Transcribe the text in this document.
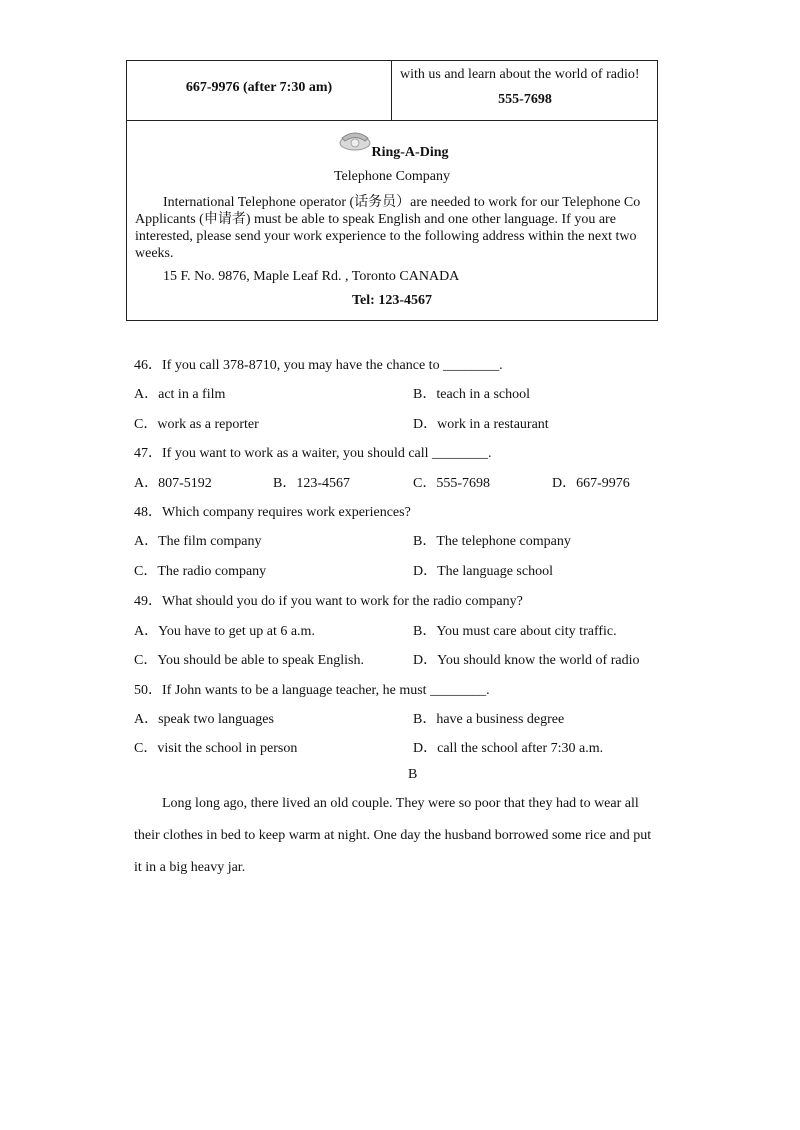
667-9976 (after 7:30 am)
with us and learn about the world of radio!
555-7698
Ring-A-Ding
Telephone Company
International Telephone operator (话务员）are needed to work for our Telephone Co
Applicants (申请者) must be able to speak English and one other language. If you are
interested, please send your work experience to the following address within the next two
weeks.
15 F. No. 9876, Maple Leaf Rd. , Toronto CANADA
Tel: 123-4567
46．If you call 378-8710, you may have the chance to ________.
A．act in a film	B．teach in a school
C．work as a reporter	D．work in a restaurant
47．If you want to work as a waiter, you should call ________.
A．807-5192	B．123-4567	C．555-7698	D．667-9976
48．Which company requires work experiences?
A．The film company	B．The telephone company
C．The radio company	D．The language school
49．What should you do if you want to work for the radio company?
A．You have to get up at 6 a.m.	B．You must care about city traffic.
C．You should be able to speak English.	D．You should know the world of radio
50．If John wants to be a language teacher, he must ________.
A．speak two languages	B．have a business degree
C．visit the school in person	D．call the school after 7:30 a.m.
B
Long long ago, there lived an old couple. They were so poor that they had to wear all
their clothes in bed to keep warm at night. One day the husband borrowed some rice and put
it in a big heavy jar.
